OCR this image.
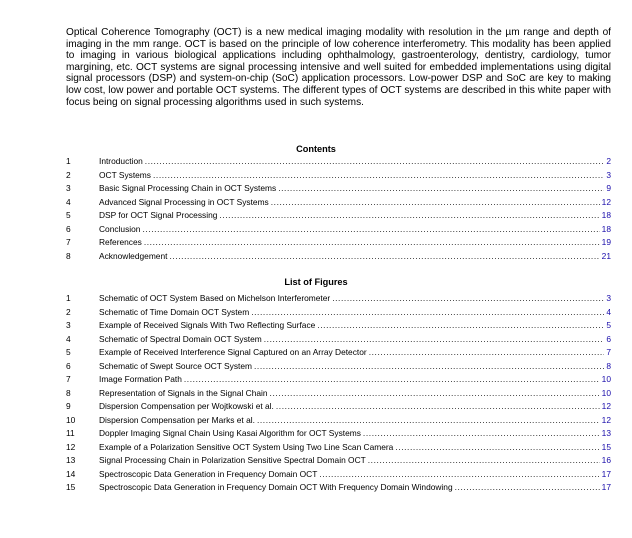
Optical Coherence Tomography (OCT) is a new medical imaging modality with resolution in the µm range and depth of imaging in the mm range. OCT is based on the principle of low coherence interferometry. This modality has been applied to imaging in various biological applications including ophthalmology, gastroenterology, dentistry, cardiology, tumor margining, etc. OCT systems are signal processing intensive and well suited for embedded implementations using digital signal processors (DSP) and system-on-chip (SoC) application processors. Low-power DSP and SoC are key to making low cost, low power and portable OCT systems. The different types of OCT systems are described in this white paper with focus being on signal processing algorithms used in such systems.

Contents
1	Introduction .....	2
2	OCT Systems .....	3
3	Basic Signal Processing Chain in OCT Systems .....	9
4	Advanced Signal Processing in OCT Systems .....	12
5	DSP for OCT Signal Processing .....	18
6	Conclusion .....	18
7	References .....	19
8	Acknowledgement .....	21
List of Figures
1	Schematic of OCT System Based on Michelson Interferometer .....	3
2	Schematic of Time Domain OCT System .....	4
3	Example of Received Signals With Two Reflecting Surface .....	5
4	Schematic of Spectral Domain OCT System .....	6
5	Example of Received Interference Signal Captured on an Array Detector .....	7
6	Schematic of Swept Source OCT System .....	8
7	Image Formation Path .....	10
8	Representation of Signals in the Signal Chain .....	10
9	Dispersion Compensation per Wojtkowski et al. .....	12
10	Dispersion Compensation per Marks et al. .....	12
11	Doppler Imaging Signal Chain Using Kasai Algorithm for OCT Systems .....	13
12	Example of a Polarization Sensitive OCT System Using Two Line Scan Camera .....	15
13	Signal Processing Chain in Polarization Sensitive Spectral Domain OCT .....	16
14	Spectroscopic Data Generation in Frequency Domain OCT .....	17
15	Spectroscopic Data Generation in Frequency Domain OCT With Frequency Domain Windowing .....	17
